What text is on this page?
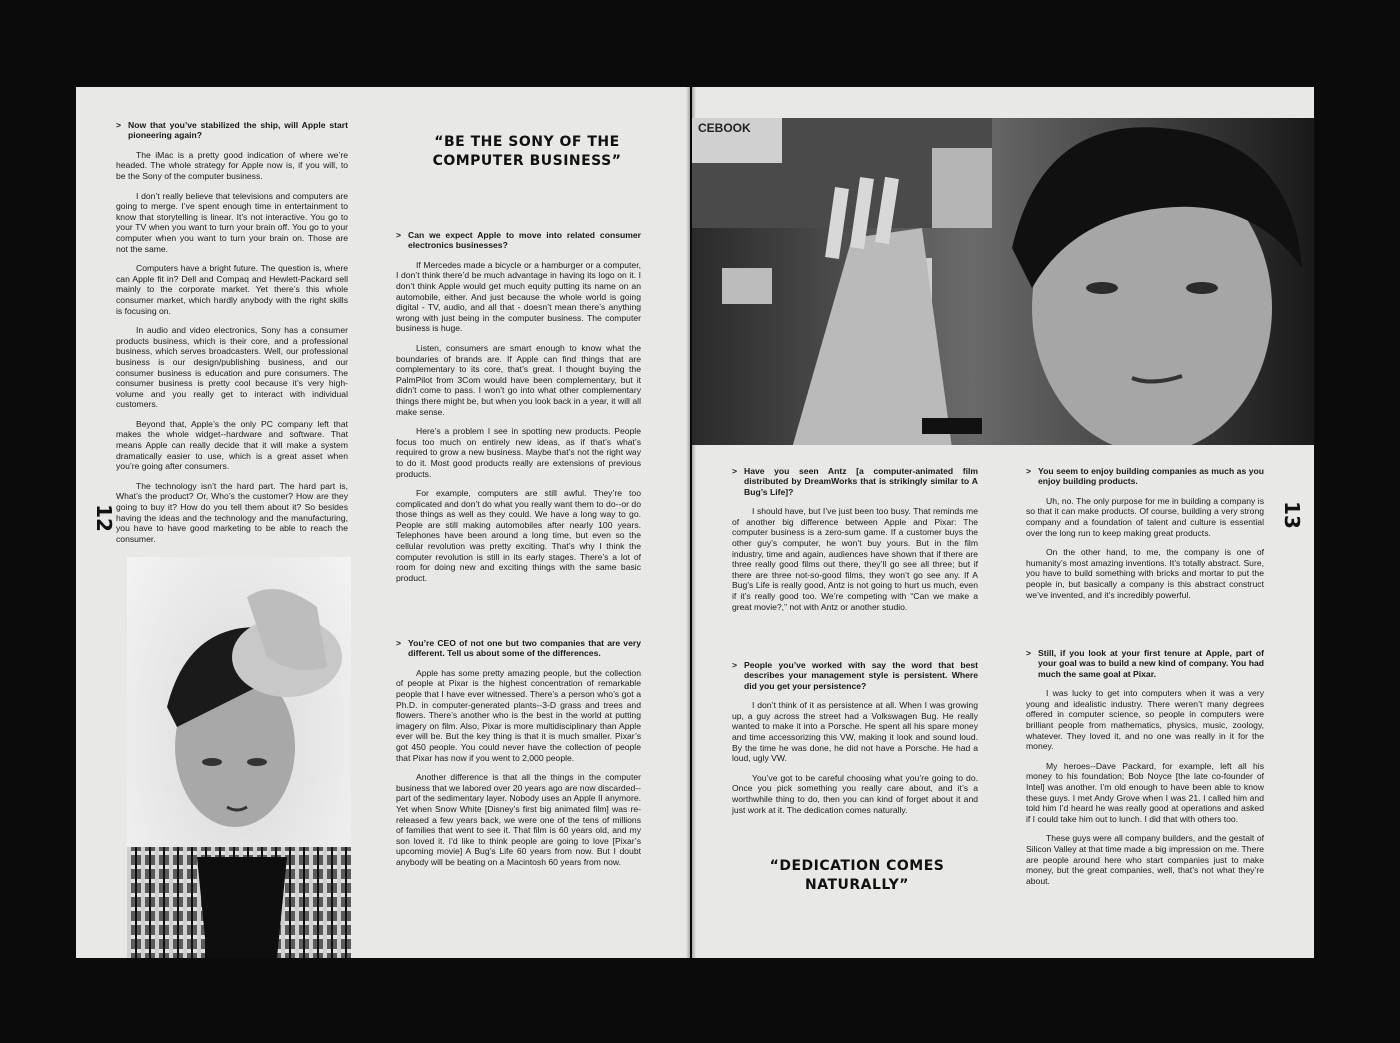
> Now that you’ve stabilized the ship, will Apple start pioneering again?
The iMac is a pretty good indication of where we’re headed. The whole strategy for Apple now is, if you will, to be the Sony of the computer business.
I don’t really believe that televisions and computers are going to merge. I’ve spent enough time in entertainment to know that storytelling is linear. It’s not interactive. You go to your TV when you want to turn your brain off. You go to your computer when you want to turn your brain on. Those are not the same.
Computers have a bright future. The question is, where can Apple fit in? Dell and Compaq and Hewlett-Packard sell mainly to the corporate market. Yet there’s this whole consumer market, which hardly anybody with the right skills is focusing on.
In audio and video electronics, Sony has a consumer products business, which is their core, and a professional business, which serves broadcasters. Well, our professional business is our design/publishing business, and our consumer business is education and pure consumers. The consumer business is pretty cool because it’s very high-volume and you really get to interact with individual customers.
Beyond that, Apple’s the only PC company left that makes the whole widget--hardware and software. That means Apple can really decide that it will make a system dramatically easier to use, which is a great asset when you’re going after consumers.
The technology isn’t the hard part. The hard part is, What’s the product? Or, Who’s the customer? How are they going to buy it? How do you tell them about it? So besides having the ideas and the technology and the manufacturing, you have to have good marketing to be able to reach the consumer.
“BE THE SONY OF THE COMPUTER BUSINESS”
> Can we expect Apple to move into related consumer electronics businesses?
If Mercedes made a bicycle or a hamburger or a computer, I don’t think there’d be much advantage in having its logo on it. I don’t think Apple would get much equity putting its name on an automobile, either. And just because the whole world is going digital - TV, audio, and all that - doesn’t mean there’s anything wrong with just being in the computer business. The computer business is huge.
Listen, consumers are smart enough to know what the boundaries of brands are. If Apple can find things that are complementary to its core, that’s great. I thought buying the PalmPilot from 3Com would have been complementary, but it didn’t come to pass. I won’t go into what other complementary things there might be, but when you look back in a year, it will all make sense.
Here’s a problem I see in spotting new products. People focus too much on entirely new ideas, as if that’s what’s required to grow a new business. Maybe that’s not the right way to do it. Most good products really are extensions of previous products.
For example, computers are still awful. They’re too complicated and don’t do what you really want them to do--or do those things as well as they could. We have a long way to go. People are still making automobiles after nearly 100 years. Telephones have been around a long time, but even so the cellular revolution was pretty exciting. That’s why I think the computer revolution is still in its early stages. There’s a lot of room for doing new and exciting things with the same basic product.
> You’re CEO of not one but two companies that are very different. Tell us about some of the differences.
Apple has some pretty amazing people, but the collection of people at Pixar is the highest concentration of remarkable people that I have ever witnessed. There’s a person who’s got a Ph.D. in computer-generated plants--3-D grass and trees and flowers. There’s another who is the best in the world at putting imagery on film. Also, Pixar is more multidisciplinary than Apple ever will be. But the key thing is that it is much smaller. Pixar’s got 450 people. You could never have the collection of people that Pixar has now if you went to 2,000 people.
Another difference is that all the things in the computer business that we labored over 20 years ago are now discarded--part of the sedimentary layer. Nobody uses an Apple II anymore. Yet when Snow White [Disney’s first big animated film] was re-released a few years back, we were one of the tens of millions of families that went to see it. That film is 60 years old, and my son loved it. I’d like to think people are going to love [Pixar’s upcoming movie] A Bug’s Life 60 years from now. But I doubt anybody will be beating on a Macintosh 60 years from now.
12	13
CEBOOK
> Have you seen Antz [a computer-animated film distributed by DreamWorks that is strikingly similar to A Bug’s Life]?
I should have, but I’ve just been too busy. That reminds me of another big difference between Apple and Pixar: The computer business is a zero-sum game. If a customer buys the other guy’s computer, he won’t buy yours. But in the film industry, time and again, audiences have shown that if there are three really good films out there, they’ll go see all three; but if there are three not-so-good films, they won’t go see any. If A Bug’s Life is really good, Antz is not going to hurt us much, even if it’s really good too. We’re competing with “Can we make a great movie?,” not with Antz or another studio.
> People you’ve worked with say the word that best describes your management style is persistent. Where did you get your persistence?
I don’t think of it as persistence at all. When I was growing up, a guy across the street had a Volkswagen Bug. He really wanted to make it into a Porsche. He spent all his spare money and time accessorizing this VW, making it look and sound loud. By the time he was done, he did not have a Porsche. He had a loud, ugly VW.
You’ve got to be careful choosing what you’re going to do. Once you pick something you really care about, and it’s a worthwhile thing to do, then you can kind of forget about it and just work at it. The dedication comes naturally.
“DEDICATION COMES NATURALLY”
> You seem to enjoy building companies as much as you enjoy building products.
Uh, no. The only purpose for me in building a company is so that it can make products. Of course, building a very strong company and a foundation of talent and culture is essential over the long run to keep making great products.
On the other hand, to me, the company is one of humanity’s most amazing inventions. It’s totally abstract. Sure, you have to build something with bricks and mortar to put the people in, but basically a company is this abstract construct we’ve invented, and it’s incredibly powerful.
> Still, if you look at your first tenure at Apple, part of your goal was to build a new kind of company. You had much the same goal at Pixar.
I was lucky to get into computers when it was a very young and idealistic industry. There weren’t many degrees offered in computer science, so people in computers were brilliant people from mathematics, physics, music, zoology, whatever. They loved it, and no one was really in it for the money.
My heroes--Dave Packard, for example, left all his money to his foundation; Bob Noyce [the late co-founder of Intel] was another. I’m old enough to have been able to know these guys. I met Andy Grove when I was 21. I called him and told him I’d heard he was really good at operations and asked if I could take him out to lunch. I did that with others too.
These guys were all company builders, and the gestalt of Silicon Valley at that time made a big impression on me. There are people around here who start companies just to make money, but the great companies, well, that’s not what they’re about.
